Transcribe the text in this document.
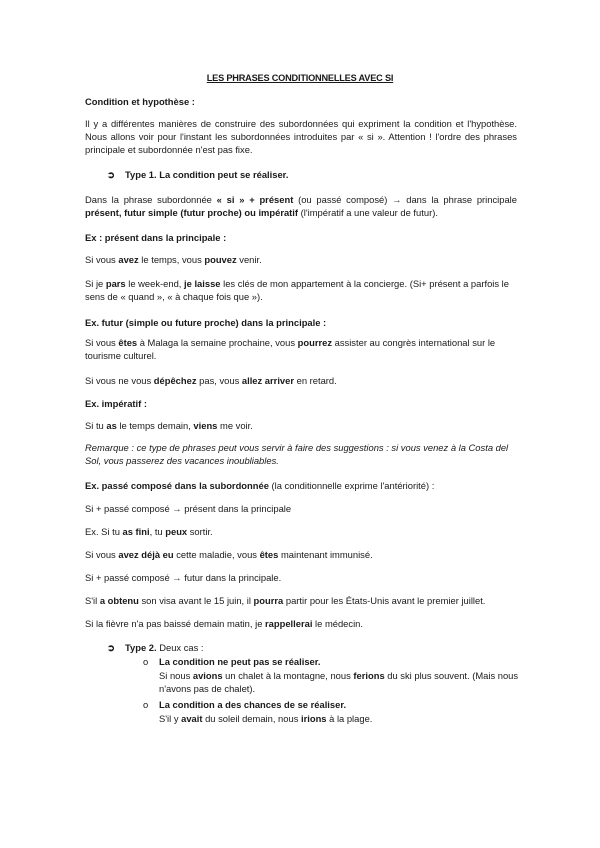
LES PHRASES CONDITIONNELLES AVEC SI
Condition et hypothèse :
Il y a différentes manières de construire des subordonnées qui expriment la condition et l'hypothèse. Nous allons voir pour l'instant les subordonnées introduites par « si ». Attention ! l'ordre des phrases principale et subordonnée n'est pas fixe.
➲ Type 1. La condition peut se réaliser.
Dans la phrase subordonnée « si » + présent (ou passé composé) → dans la phrase principale présent, futur simple (futur proche) ou impératif (l'impératif a une valeur de futur).
Ex : présent dans la principale :
Si vous avez le temps, vous pouvez venir.
Si je pars le week-end, je laisse les clés de mon appartement à la concierge. (Si+ présent a parfois le sens de « quand », « à chaque fois que »).
Ex. futur (simple ou future proche) dans la principale :
Si vous êtes à Malaga la semaine prochaine, vous pourrez assister au congrès international sur le tourisme culturel.
Si vous ne vous dépêchez pas, vous allez arriver en retard.
Ex. impératif :
Si tu as le temps demain, viens me voir.
Remarque : ce type de phrases peut vous servir à faire des suggestions : si vous venez à la Costa del Sol, vous passerez des vacances inoubliables.
Ex. passé composé dans la subordonnée (la conditionnelle exprime l'antériorité) :
Si + passé composé → présent dans la principale
Ex. Si tu as fini, tu peux sortir.
Si vous avez déjà eu cette maladie, vous êtes maintenant immunisé.
Si + passé composé → futur dans la principale.
S'il a obtenu son visa avant le 15 juin, il pourra partir pour les États-Unis avant le premier juillet.
Si la fièvre n'a pas baissé demain matin, je rappellerai le médecin.
➲ Type 2. Deux cas :
o La condition ne peut pas se réaliser.
Si nous avions un chalet à la montagne, nous ferions du ski plus souvent. (Mais nous n'avons pas de chalet).
o La condition a des chances de se réaliser.
S'il y avait du soleil demain, nous irions à la plage.
